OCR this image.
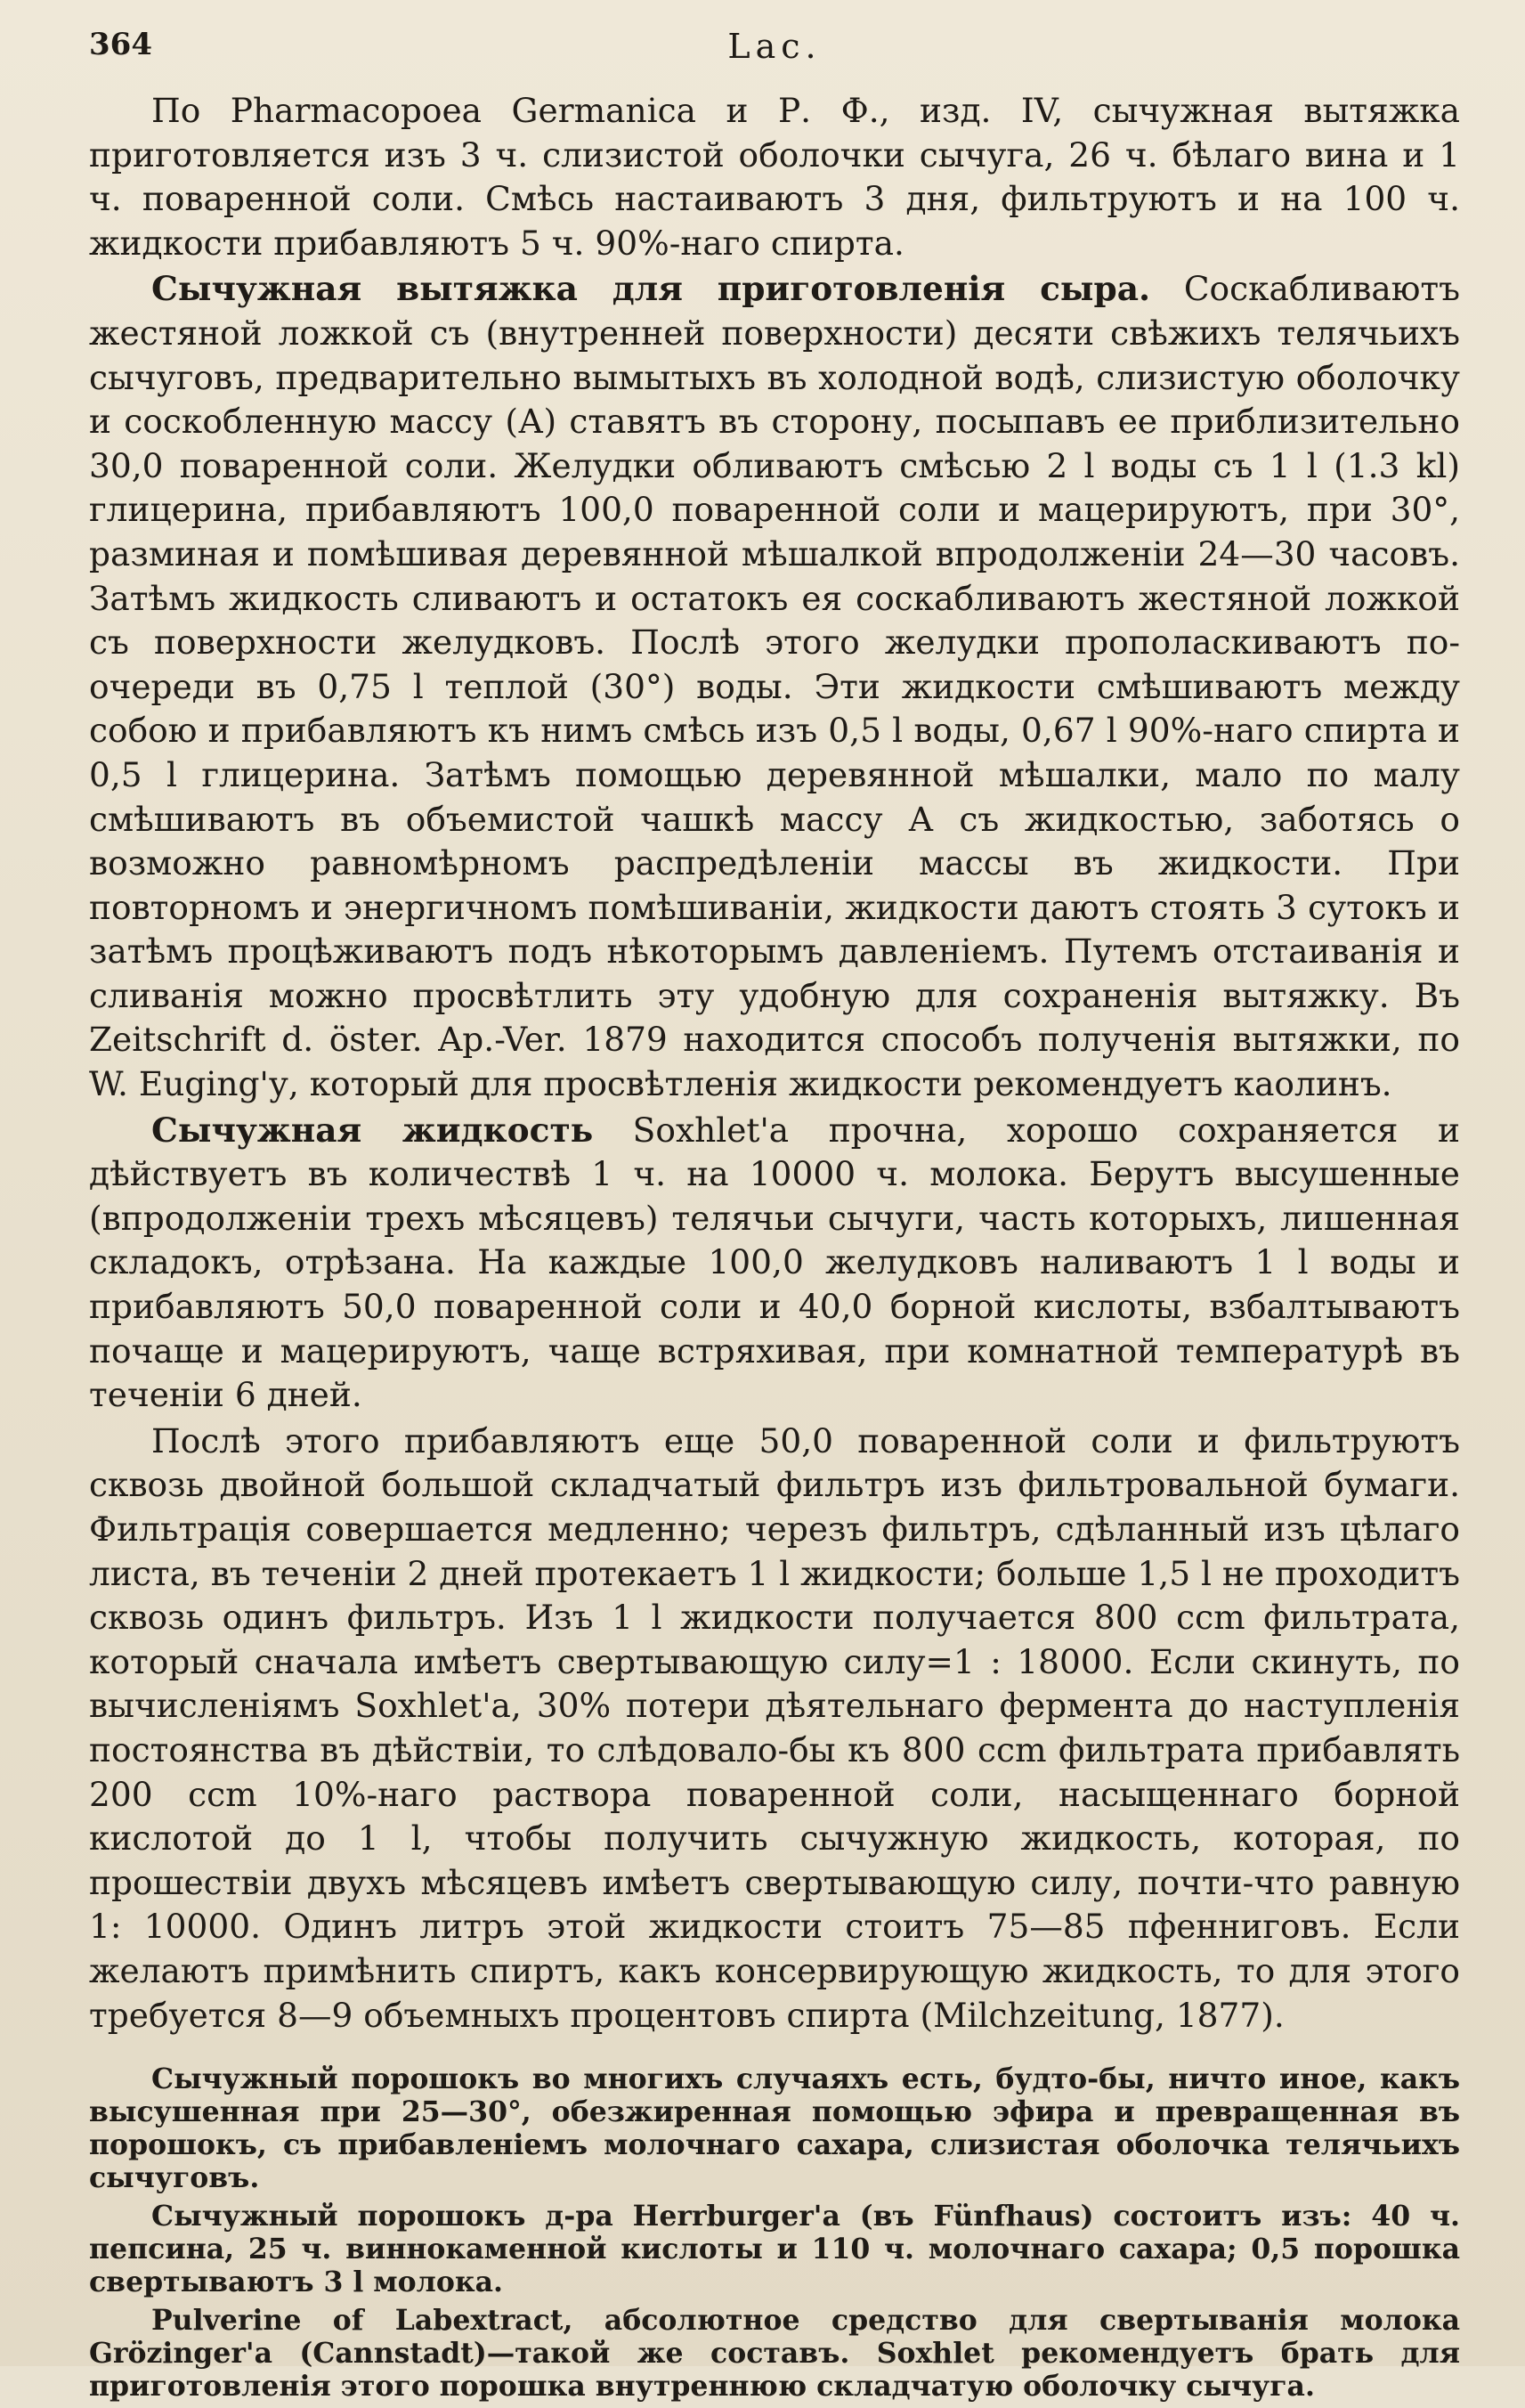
364	Lac.

По Pharmacopoea Germanica и Р. Ф., изд. IV, сычужная вытяжка приготовляется изъ 3 ч. слизистой оболочки сычуга, 26 ч. бѣлаго вина и 1 ч. поваренной соли. Смѣсь настаиваютъ 3 дня, фильтруютъ и на 100 ч. жидкости прибавляютъ 5 ч. 90%-наго спирта.

Сычужная вытяжка для приготовленія сыра. Соскабливаютъ жестяной ложкой съ (внутренней поверхности) десяти свѣжихъ телячьихъ сычуговъ, предварительно вымытыхъ въ холодной водѣ, слизистую оболочку и соскобленную массу (А) ставятъ въ сторону, посыпавъ ее приблизительно 30,0 поваренной соли. Желудки обливаютъ смѣсью 2 l воды съ 1 l (1.3 kl) глицерина, прибавляютъ 100,0 поваренной соли и мацерируютъ, при 30°, разминая и помѣшивая деревянной мѣшалкой впродолженіи 24—30 часовъ. Затѣмъ жидкость сливаютъ и остатокъ ея соскабливаютъ жестяной ложкой съ поверхности желудковъ. Послѣ этого желудки прополаскиваютъ по-очереди въ 0,75 l теплой (30°) воды. Эти жидкости смѣшиваютъ между собою и прибавляютъ къ нимъ смѣсь изъ 0,5 l воды, 0,67 l 90%-наго спирта и 0,5 l глицерина. Затѣмъ помощью деревянной мѣшалки, мало по малу смѣшиваютъ въ объемистой чашкѣ массу А съ жидкостью, заботясь о возможно равномѣрномъ распредѣленіи массы въ жидкости. При повторномъ и энергичномъ помѣшиваніи, жидкости даютъ стоять 3 сутокъ и затѣмъ процѣживаютъ подъ нѣкоторымъ давленіемъ. Путемъ отстаиванія и сливанія можно просвѣтлить эту удобную для сохраненія вытяжку. Въ Zeitschrift d. öster. Ap.-Ver. 1879 находится способъ полученія вытяжки, по W. Euging'у, который для просвѣтленія жидкости рекомендуетъ каолинъ.

Сычужная жидкость Soxhlet'а прочна, хорошо сохраняется и дѣйствуетъ въ количествѣ 1 ч. на 10000 ч. молока. Берутъ высушенные (впродолженіи трехъ мѣсяцевъ) телячьи сычуги, часть которыхъ, лишенная складокъ, отрѣзана. На каждые 100,0 желудковъ наливаютъ 1 l воды и прибавляютъ 50,0 поваренной соли и 40,0 борной кислоты, взбалтываютъ почаще и мацерируютъ, чаще встряхивая, при комнатной температурѣ въ теченіи 6 дней.

Послѣ этого прибавляютъ еще 50,0 поваренной соли и фильтруютъ сквозь двойной большой складчатый фильтръ изъ фильтровальной бумаги. Фильтрація совершается медленно; черезъ фильтръ, сдѣланный изъ цѣлаго листа, въ теченіи 2 дней протекаетъ 1 l жидкости; больше 1,5 l не проходитъ сквозь одинъ фильтръ. Изъ 1 l жидкости получается 800 ccm фильтрата, который сначала имѣетъ свертывающую силу=1 : 18000. Если скинуть, по вычисленіямъ Soxhlet'а, 30% потери дѣятельнаго фермента до наступленія постоянства въ дѣйствіи, то слѣдовало-бы къ 800 ccm фильтрата прибавлять 200 ccm 10%-наго раствора поваренной соли, насыщеннаго борной кислотой до 1 l, чтобы получить сычужную жидкость, которая, по прошествіи двухъ мѣсяцевъ имѣетъ свертывающую силу, почти-что равную 1: 10000. Одинъ литръ этой жидкости стоитъ 75—85 пфенниговъ. Если желаютъ примѣнить спиртъ, какъ консервирующую жидкость, то для этого требуется 8—9 объемныхъ процентовъ спирта (Milchzeitung, 1877).

Сычужный порошокъ во многихъ случаяхъ есть, будто-бы, ничто иное, какъ высушенная при 25—30°, обезжиренная помощью эфира и превращенная въ порошокъ, съ прибавленіемъ молочнаго сахара, слизистая оболочка телячьихъ сычуговъ.

Сычужный порошокъ д-ра Herrburger'а (въ Fünfhaus) состоитъ изъ: 40 ч. пепсина, 25 ч. виннокаменной кислоты и 110 ч. молочнаго сахара; 0,5 порошка свертываютъ 3 l молока.

Pulverine of Labextract, абсолютное средство для свертыванія молока Grözinger'а (Cannstadt)—такой же составъ. Soxhlet рекомендуетъ брать для приготовленія этого порошка внутреннюю складчатую оболочку сычуга.
